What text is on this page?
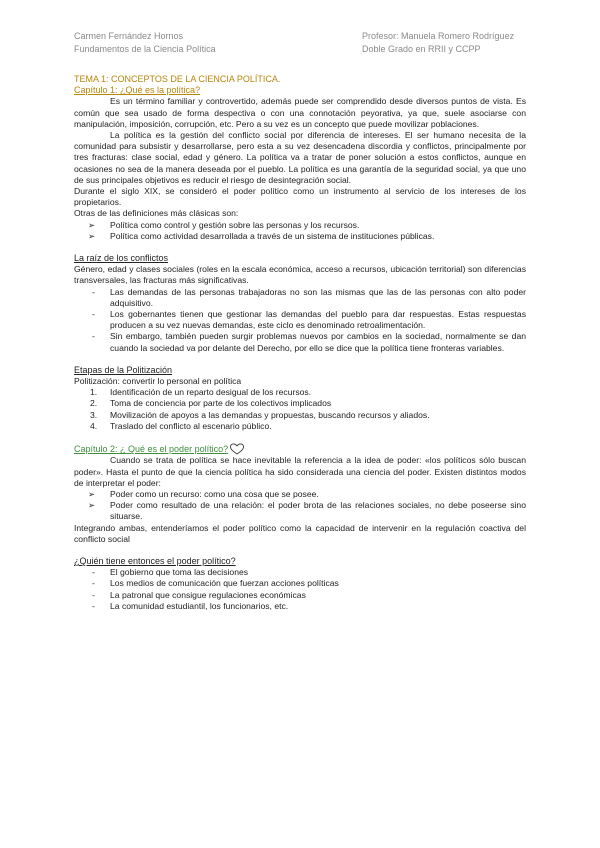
Carmen Fernández Hornos
Fundamentos de la Ciencia Política
Profesor: Manuela Romero Rodríguez
Doble Grado en RRII y CCPP

TEMA 1: CONCEPTOS DE LA CIENCIA POLÍTICA.

Capítulo 1: ¿Qué es la política?

Es un término familiar y controvertido, además puede ser comprendido desde diversos puntos de vista. Es común que sea usado de forma despectiva o con una connotación peyorativa, ya que, suele asociarse con manipulación, imposición, corrupción, etc. Pero a su vez es un concepto que puede movilizar poblaciones.

La política es la gestión del conflicto social por diferencia de intereses. El ser humano necesita de la comunidad para subsistir y desarrollarse, pero esta a su vez desencadena discordia y conflictos, principalmente por tres fracturas: clase social, edad y género. La política va a tratar de poner solución a estos conflictos, aunque en ocasiones no sea de la manera deseada por el pueblo. La política es una garantía de la seguridad social, ya que uno de sus principales objetivos es reducir el riesgo de desintegración social.

Durante el siglo XIX, se consideró el poder político como un instrumento al servicio de los intereses de los propietarios.

Otras de las definiciones más clásicas son:

➢ Política como control y gestión sobre las personas y los recursos.
➢ Política como actividad desarrollada a través de un sistema de instituciones públicas.

La raíz de los conflictos

Género, edad y clases sociales (roles en la escala económica, acceso a recursos, ubicación territorial) son diferencias transversales, las fracturas más significativas.

- Las demandas de las personas trabajadoras no son las mismas que las de las personas con alto poder adquisitivo.
- Los gobernantes tienen que gestionar las demandas del pueblo para dar respuestas. Estas respuestas producen a su vez nuevas demandas, este ciclo es denominado retroalimentación.
- Sin embargo, también pueden surgir problemas nuevos por cambios en la sociedad, normalmente se dan cuando la sociedad va por delante del Derecho, por ello se dice que la política tiene fronteras variables.

Etapas de la Politización

Politización: convertir lo personal en política

1. Identificación de un reparto desigual de los recursos.
2. Toma de conciencia por parte de los colectivos implicados
3. Movilización de apoyos a las demandas y propuestas, buscando recursos y aliados.
4. Traslado del conflicto al escenario público.

Capítulo 2: ¿ Qué es el poder político?

Cuando se trata de política se hace inevitable la referencia a la idea de poder: «los políticos sólo buscan poder». Hasta el punto de que la ciencia política ha sido considerada una ciencia del poder. Existen distintos modos de interpretar el poder:

➢ Poder como un recurso: como una cosa que se posee.
➢ Poder como resultado de una relación: el poder brota de las relaciones sociales, no debe poseerse sino situarse.

Integrando ambas, entenderíamos el poder político como la capacidad de intervenir en la regulación coactiva del conflicto social

¿Quién tiene entonces el poder político?

- El gobierno que toma las decisiones
- Los medios de comunicación que fuerzan acciones políticas
- La patronal que consigue regulaciones económicas
- La comunidad estudiantil, los funcionarios, etc.
